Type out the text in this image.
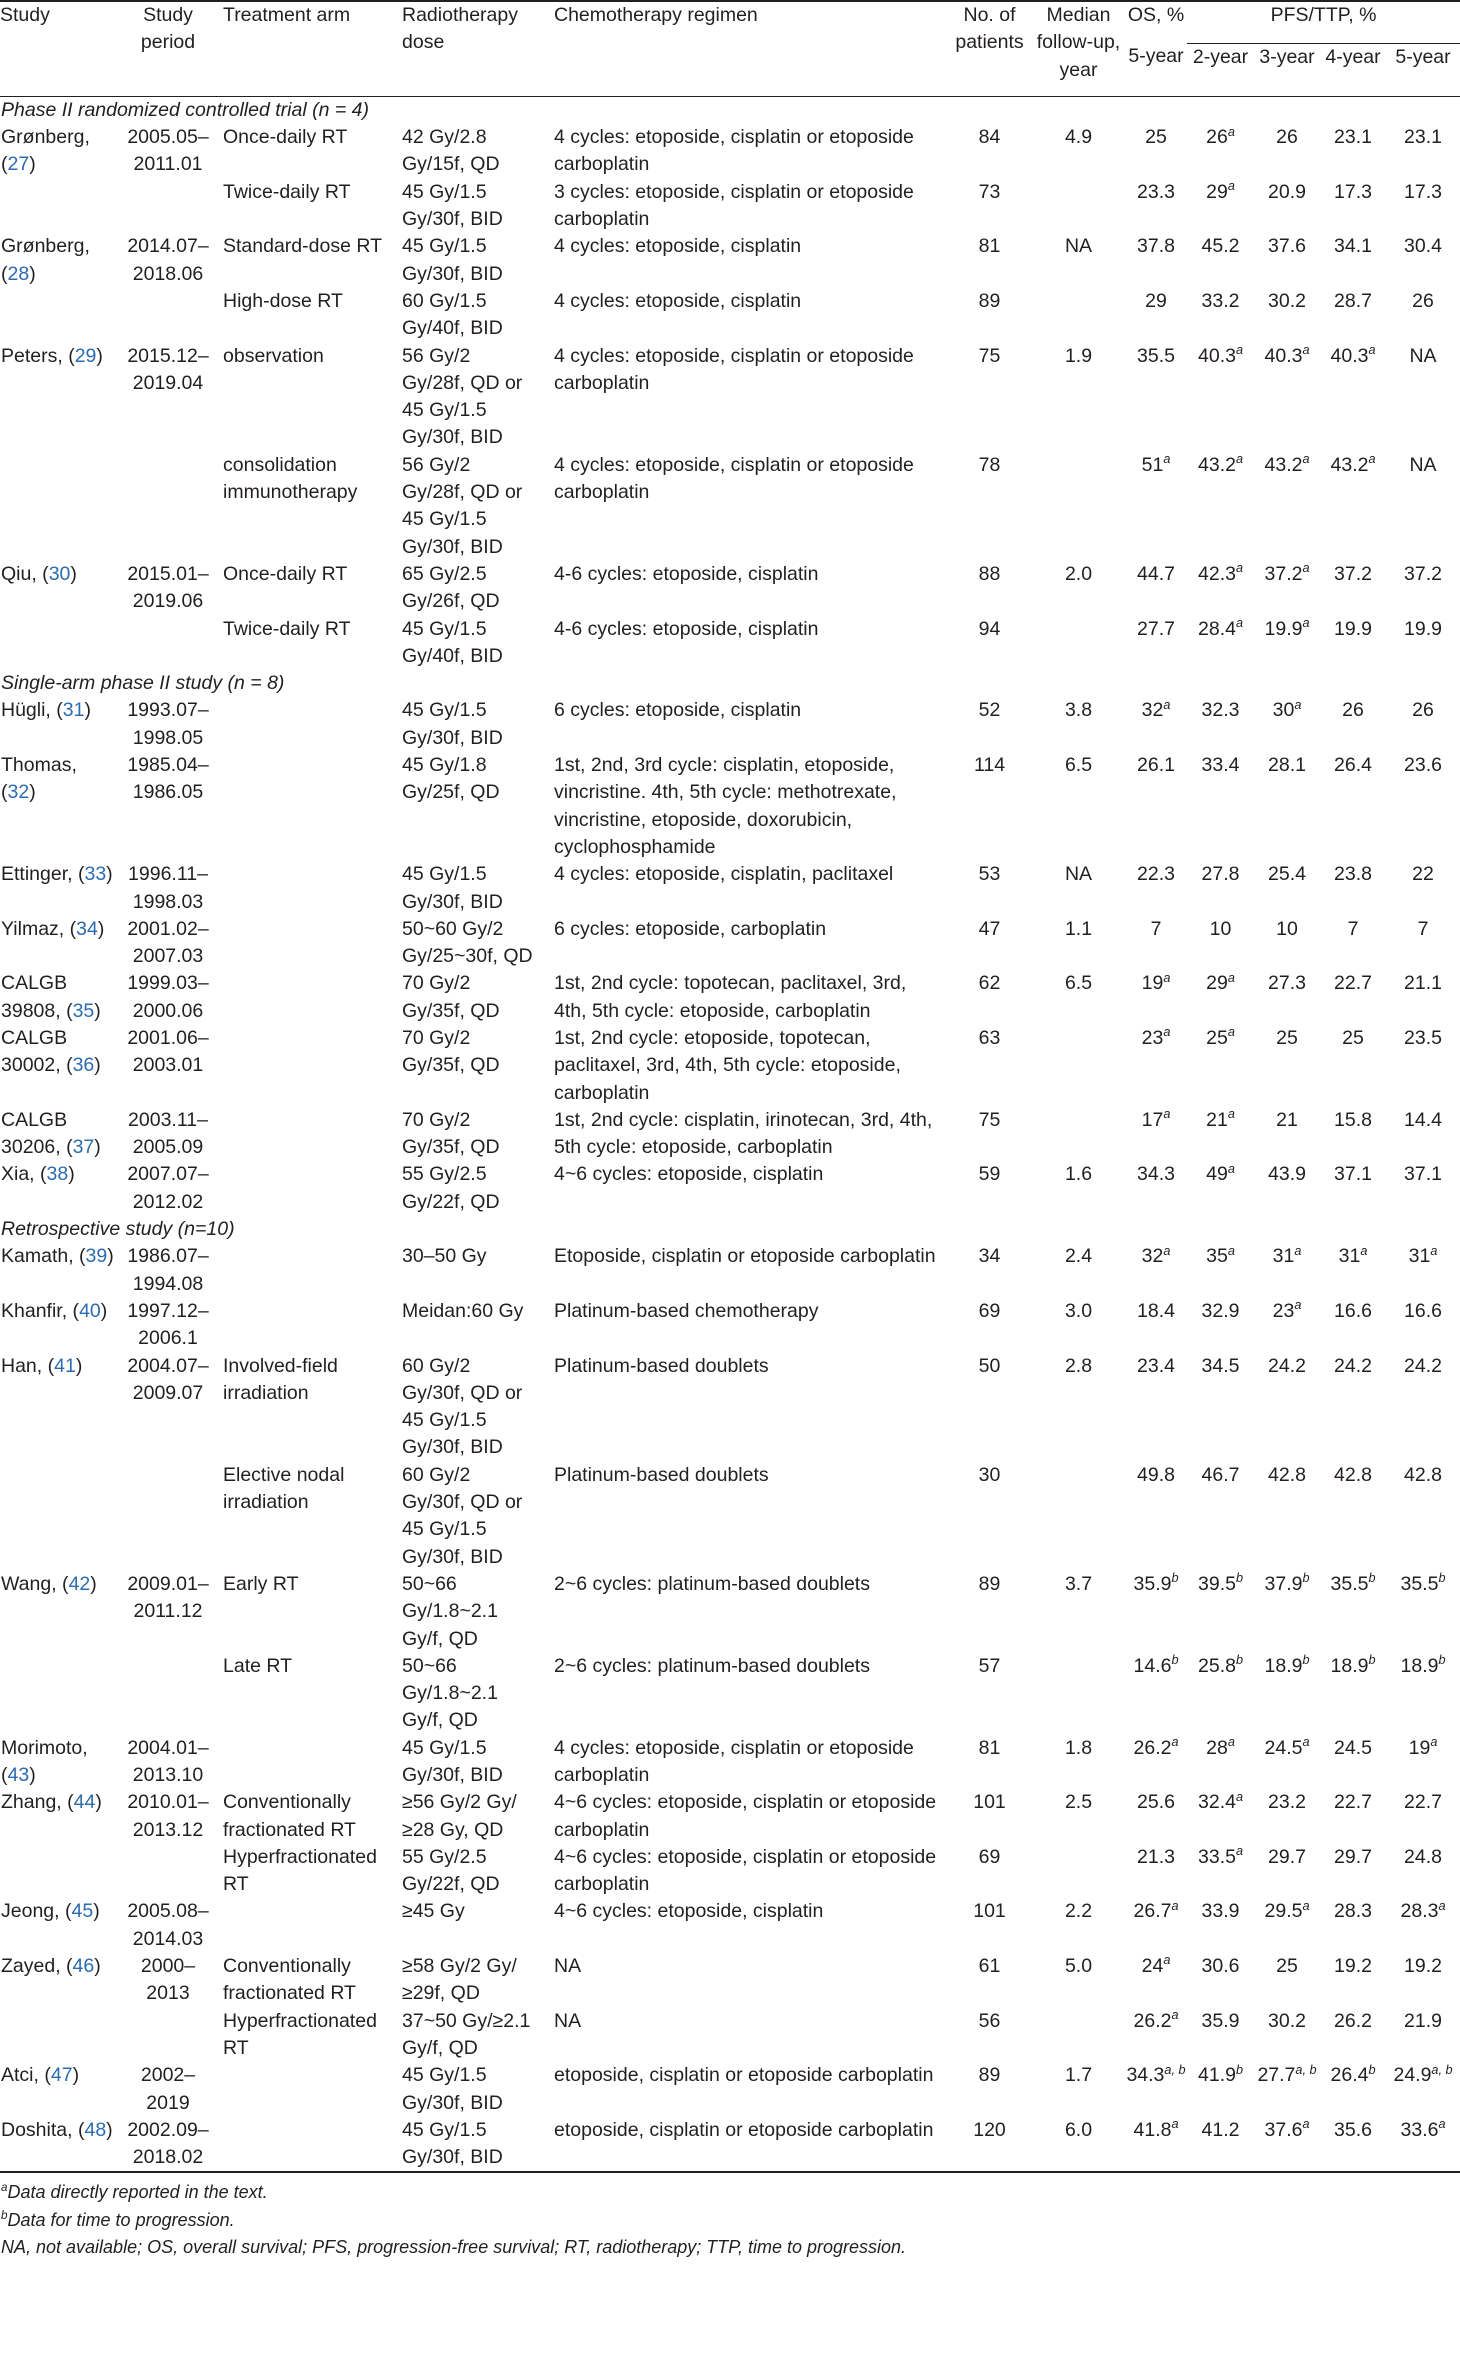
Study	Study period	Treatment arm	Radiotherapy dose	Chemotherapy regimen	No. of patients	Median follow-up, year	OS, %	PFS/TTP, %			
							5-year	2-year	3-year	4-year	5-year

Phase II randomized controlled trial (n = 4)											
Grønberg, (27)	2005.05–2011.01	Once-daily RT	42 Gy/2.8 Gy/15f, QD	4 cycles: etoposide, cisplatin or etoposide carboplatin	84	4.9	25	26$^a$	26	23.1	23.1
		Twice-daily RT	45 Gy/1.5 Gy/30f, BID	3 cycles: etoposide, cisplatin or etoposide carboplatin	73		23.3	29$^a$	20.9	17.3	17.3
Grønberg, (28)	2014.07–2018.06	Standard-dose RT	45 Gy/1.5 Gy/30f, BID	4 cycles: etoposide, cisplatin	81	NA	37.8	45.2	37.6	34.1	30.4
		High-dose RT	60 Gy/1.5 Gy/40f, BID	4 cycles: etoposide, cisplatin	89		29	33.2	30.2	28.7	26
Peters, (29)	2015.12–2019.04	observation	56 Gy/2 Gy/28f, QD or 45 Gy/1.5 Gy/30f, BID	4 cycles: etoposide, cisplatin or etoposide carboplatin	75	1.9	35.5	40.3$^a$	40.3$^a$	40.3$^a$	NA
		consolidation immunotherapy	56 Gy/2 Gy/28f, QD or 45 Gy/1.5 Gy/30f, BID	4 cycles: etoposide, cisplatin or etoposide carboplatin	78		51$^a$	43.2$^a$	43.2$^a$	43.2$^a$	NA
Qiu, (30)	2015.01–2019.06	Once-daily RT	65 Gy/2.5 Gy/26f, QD	4-6 cycles: etoposide, cisplatin	88	2.0	44.7	42.3$^a$	37.2$^a$	37.2	37.2
		Twice-daily RT	45 Gy/1.5 Gy/40f, BID	4-6 cycles: etoposide, cisplatin	94		27.7	28.4$^a$	19.9$^a$	19.9	19.9
Single-arm phase II study (n = 8)											
Hügli, (31)	1993.07–1998.05		45 Gy/1.5 Gy/30f, BID	6 cycles: etoposide, cisplatin	52	3.8	32$^a$	32.3	30$^a$	26	26
Thomas, (32)	1985.04–1986.05		45 Gy/1.8 Gy/25f, QD	1st, 2nd, 3rd cycle: cisplatin, etoposide, vincristine. 4th, 5th cycle: methotrexate, vincristine, etoposide, doxorubicin, cyclophosphamide	114	6.5	26.1	33.4	28.1	26.4	23.6
Ettinger, (33)	1996.11–1998.03		45 Gy/1.5 Gy/30f, BID	4 cycles: etoposide, cisplatin, paclitaxel	53	NA	22.3	27.8	25.4	23.8	22
Yilmaz, (34)	2001.02–2007.03		50~60 Gy/2 Gy/25~30f, QD	6 cycles: etoposide, carboplatin	47	1.1	7	10	10	7	7
CALGB 39808, (35)	1999.03–2000.06		70 Gy/2 Gy/35f, QD	1st, 2nd cycle: topotecan, paclitaxel, 3rd, 4th, 5th cycle: etoposide, carboplatin	62	6.5	19$^a$	29$^a$	27.3	22.7	21.1
CALGB 30002, (36)	2001.06–2003.01		70 Gy/2 Gy/35f, QD	1st, 2nd cycle: etoposide, topotecan, paclitaxel, 3rd, 4th, 5th cycle: etoposide, carboplatin	63		23$^a$	25$^a$	25	25	23.5
CALGB 30206, (37)	2003.11–2005.09		70 Gy/2 Gy/35f, QD	1st, 2nd cycle: cisplatin, irinotecan, 3rd, 4th, 5th cycle: etoposide, carboplatin	75		17$^a$	21$^a$	21	15.8	14.4
Xia, (38)	2007.07–2012.02		55 Gy/2.5 Gy/22f, QD	4~6 cycles: etoposide, cisplatin	59	1.6	34.3	49$^a$	43.9	37.1	37.1
Retrospective study (n=10)											
Kamath, (39)	1986.07–1994.08		30–50 Gy	Etoposide, cisplatin or etoposide carboplatin	34	2.4	32$^a$	35$^a$	31$^a$	31$^a$	31$^a$
Khanfir, (40)	1997.12–2006.1		Meidan:60 Gy	Platinum-based chemotherapy	69	3.0	18.4	32.9	23$^a$	16.6	16.6
Han, (41)	2004.07–2009.07	Involved-field irradiation	60 Gy/2 Gy/30f, QD or 45 Gy/1.5 Gy/30f, BID	Platinum-based doublets	50	2.8	23.4	34.5	24.2	24.2	24.2
		Elective nodal irradiation	60 Gy/2 Gy/30f, QD or 45 Gy/1.5 Gy/30f, BID	Platinum-based doublets	30		49.8	46.7	42.8	42.8	42.8
Wang, (42)	2009.01–2011.12	Early RT	50~66 Gy/1.8~2.1 Gy/f, QD	2~6 cycles: platinum-based doublets	89	3.7	35.9$^b$	39.5$^b$	37.9$^b$	35.5$^b$	35.5$^b$
		Late RT	50~66 Gy/1.8~2.1 Gy/f, QD	2~6 cycles: platinum-based doublets	57		14.6$^b$	25.8$^b$	18.9$^b$	18.9$^b$	18.9$^b$
Morimoto, (43)	2004.01–2013.10		45 Gy/1.5 Gy/30f, BID	4 cycles: etoposide, cisplatin or etoposide carboplatin	81	1.8	26.2$^a$	28$^a$	24.5$^a$	24.5	19$^a$
Zhang, (44)	2010.01–2013.12	Conventionally fractionated RT	≥56 Gy/2 Gy/≥28 Gy, QD	4~6 cycles: etoposide, cisplatin or etoposide carboplatin	101	2.5	25.6	32.4$^a$	23.2	22.7	22.7
		Hyperfractionated RT	55 Gy/2.5 Gy/22f, QD	4~6 cycles: etoposide, cisplatin or etoposide carboplatin	69		21.3	33.5$^a$	29.7	29.7	24.8
Jeong, (45)	2005.08–2014.03		≥45 Gy	4~6 cycles: etoposide, cisplatin	101	2.2	26.7$^a$	33.9	29.5$^a$	28.3	28.3$^a$
Zayed, (46)	2000–2013	Conventionally fractionated RT	≥58 Gy/2 Gy/≥29f, QD	NA	61	5.0	24$^a$	30.6	25	19.2	19.2
		Hyperfractionated RT	37~50 Gy/≥2.1 Gy/f, QD	NA	56		26.2$^a$	35.9	30.2	26.2	21.9
Atci, (47)	2002–2019		45 Gy/1.5 Gy/30f, BID	etoposide, cisplatin or etoposide carboplatin	89	1.7	34.3$^{a, b}$	41.9$^b$	27.7$^{a, b}$	26.4$^b$	24.9$^{a, b}$
Doshita, (48)	2002.09–2018.02		45 Gy/1.5 Gy/30f, BID	etoposide, cisplatin or etoposide carboplatin	120	6.0	41.8$^a$	41.2	37.6$^a$	35.6	33.6$^a$
$^a$Data directly reported in the text.
$^b$Data for time to progression.
NA, not available; OS, overall survival; PFS, progression-free survival; RT, radiotherapy; TTP, time to progression.
